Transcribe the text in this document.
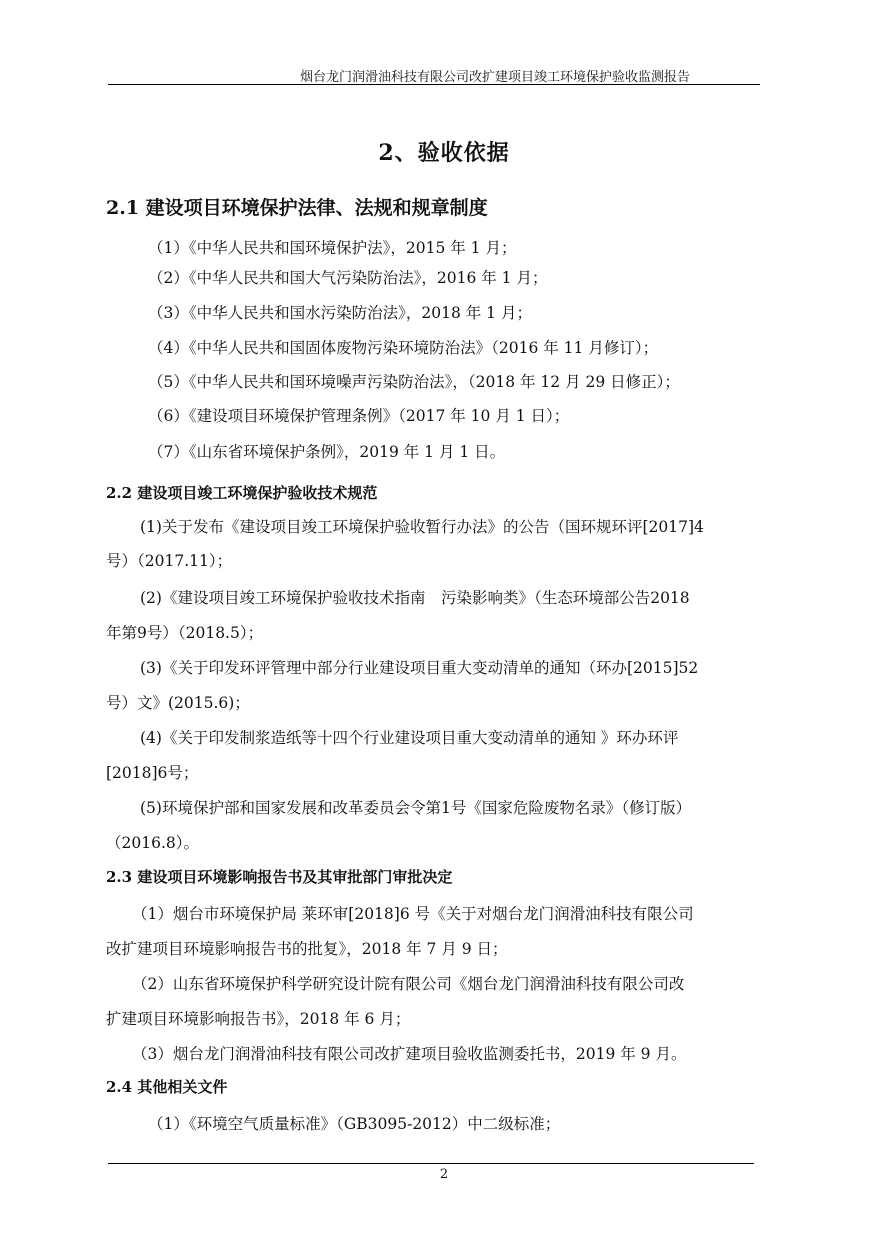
烟台龙门润滑油科技有限公司改扩建项目竣工环境保护验收监测报告
2、验收依据
2.1 建设项目环境保护法律、法规和规章制度
（1）《中华人民共和国环境保护法》，2015 年 1 月；
（2）《中华人民共和国大气污染防治法》，2016 年 1 月；
（3）《中华人民共和国水污染防治法》，2018 年 1 月；
（4）《中华人民共和国固体废物污染环境防治法》（2016 年 11 月修订）；
（5）《中华人民共和国环境噪声污染防治法》，（2018 年 12 月 29 日修正）；
（6）《建设项目环境保护管理条例》（2017 年 10 月 1 日）；
（7）《山东省环境保护条例》，2019 年 1 月 1 日。
2.2 建设项目竣工环境保护验收技术规范
(1)关于发布《建设项目竣工环境保护验收暂行办法》的公告（国环规环评[2017]4
号）（2017.11）；
(2)《建设项目竣工环境保护验收技术指南　污染影响类》（生态环境部公告2018
年第9号）（2018.5）；
(3)《关于印发环评管理中部分行业建设项目重大变动清单的通知（环办[2015]52
号）文》(2015.6)；
(4)《关于印发制浆造纸等十四个行业建设项目重大变动清单的通知 》环办环评
[2018]6号；
(5)环境保护部和国家发展和改革委员会令第1号《国家危险废物名录》（修订版）
（2016.8）。
2.3 建设项目环境影响报告书及其审批部门审批决定
（1）烟台市环境保护局 莱环审[2018]6 号《关于对烟台龙门润滑油科技有限公司
改扩建项目环境影响报告书的批复》，2018 年 7 月 9 日；
（2）山东省环境保护科学研究设计院有限公司《烟台龙门润滑油科技有限公司改
扩建项目环境影响报告书》，2018 年 6 月；
（3）烟台龙门润滑油科技有限公司改扩建项目验收监测委托书，2019 年 9 月。
2.4 其他相关文件
（1）《环境空气质量标准》（GB3095-2012）中二级标准；
2
